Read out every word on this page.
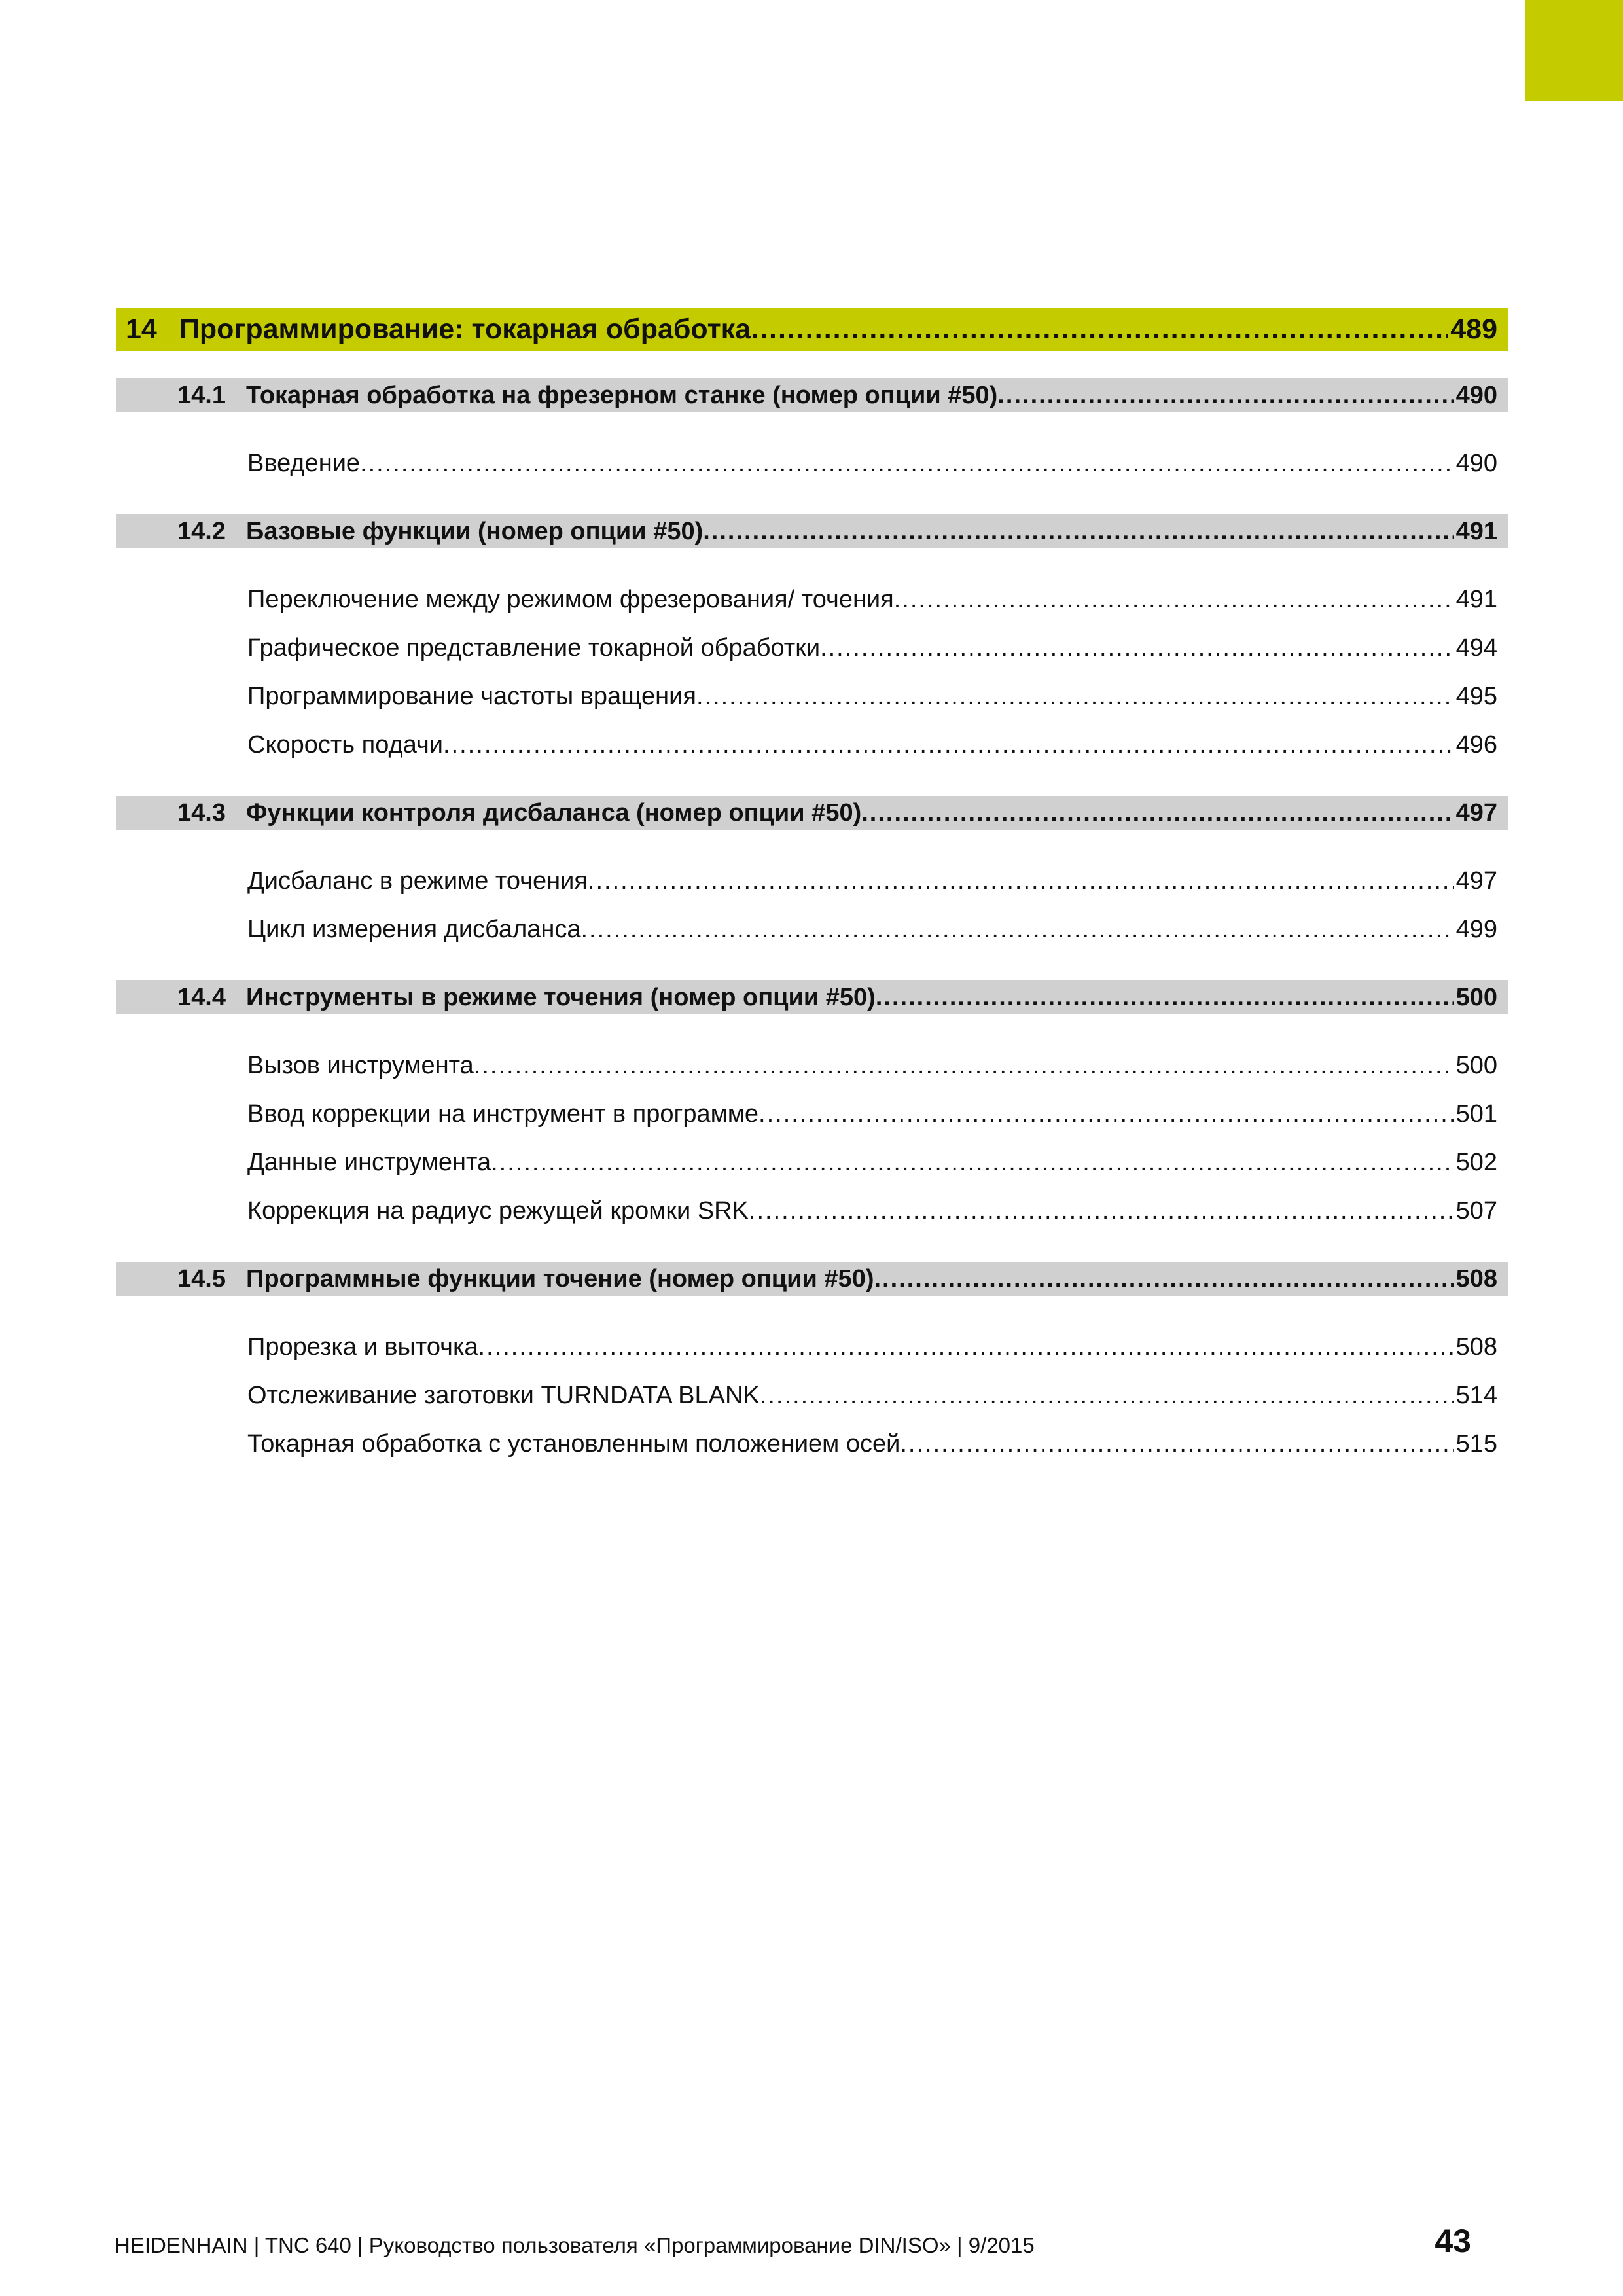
14 Программирование: токарная обработка .....	489
14.1 Токарная обработка на фрезерном станке (номер опции #50) .....	490
Введение .....	490
14.2 Базовые функции (номер опции #50) .....	491
Переключение между режимом фрезерования/ точения .....	491
Графическое представление токарной обработки .....	494
Программирование частоты вращения .....	495
Скорость подачи .....	496
14.3 Функции контроля дисбаланса (номер опции #50) .....	497
Дисбаланс в режиме точения .....	497
Цикл измерения дисбаланса .....	499
14.4 Инструменты в режиме точения (номер опции #50) .....	500
Вызов инструмента .....	500
Ввод коррекции на инструмент в программе .....	501
Данные инструмента .....	502
Коррекция на радиус режущей кромки SRK .....	507
14.5 Программные функции точение (номер опции #50) .....	508
Прорезка и выточка .....	508
Отслеживание заготовки TURNDATA BLANK .....	514
Токарная обработка с установленным положением осей .....	515
HEIDENHAIN | TNC 640 | Руководство пользователя «Программирование DIN/ISO» | 9/2015	43
